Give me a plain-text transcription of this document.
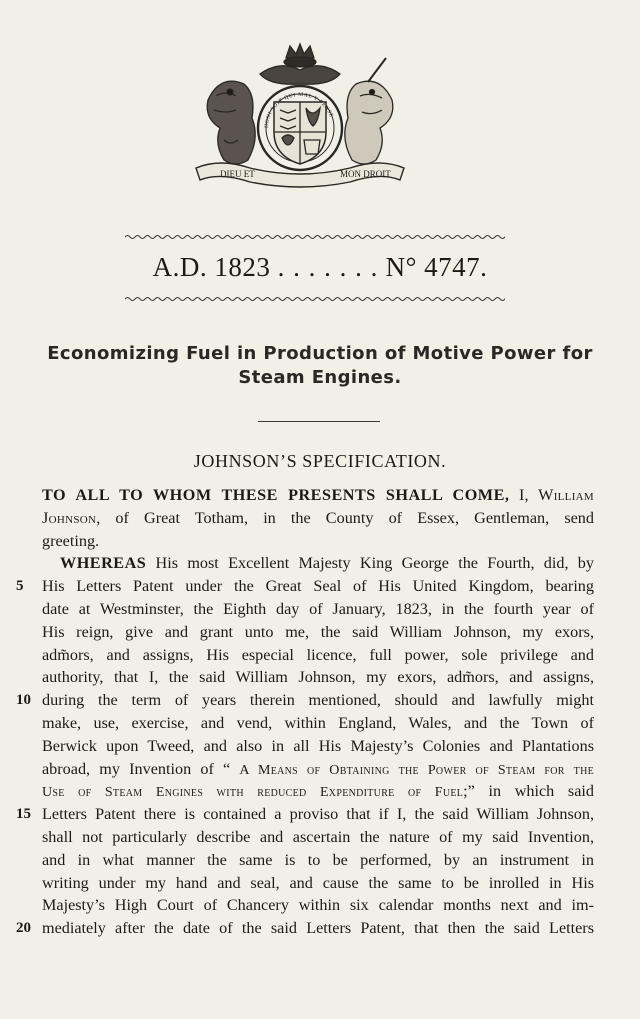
DIEU ET	MON DROIT
HONI SOIT QUI MAL Y PENSE
A.D. 1823 . . . . . . . N° 4747.
Economizing Fuel in Production of Motive Power for
Steam Engines.
JOHNSON’S SPECIFICATION.
TO ALL TO WHOM THESE PRESENTS SHALL COME, I, William
Johnson, of Great Totham, in the County of Essex, Gentleman, send
greeting.
WHEREAS His most Excellent Majesty King George the Fourth, did, by
5	His Letters Patent under the Great Seal of His United Kingdom, bearing
date at Westminster, the Eighth day of January, 1823, in the fourth year of
His reign, give and grant unto me, the said William Johnson, my exors,
adm̃ors, and assigns, His especial licence, full power, sole privilege and
authority, that I, the said William Johnson, my exors, adm̃ors, and assigns,
10 during the term of years therein mentioned, should and lawfully might
make, use, exercise, and vend, within England, Wales, and the Town of
Berwick upon Tweed, and also in all His Majesty’s Colonies and Plantations
abroad, my Invention of “ A Means of Obtaining the Power of Steam for the
Use of Steam Engines with reduced Expenditure of Fuel;” in which said
15 Letters Patent there is contained a proviso that if I, the said William Johnson,
shall not particularly describe and ascertain the nature of my said Invention,
and in what manner the same is to be performed, by an instrument in
writing under my hand and seal, and cause the same to be inrolled in His
Majesty’s High Court of Chancery within six calendar months next and im-
20 mediately after the date of the said Letters Patent, that then the said Letters
